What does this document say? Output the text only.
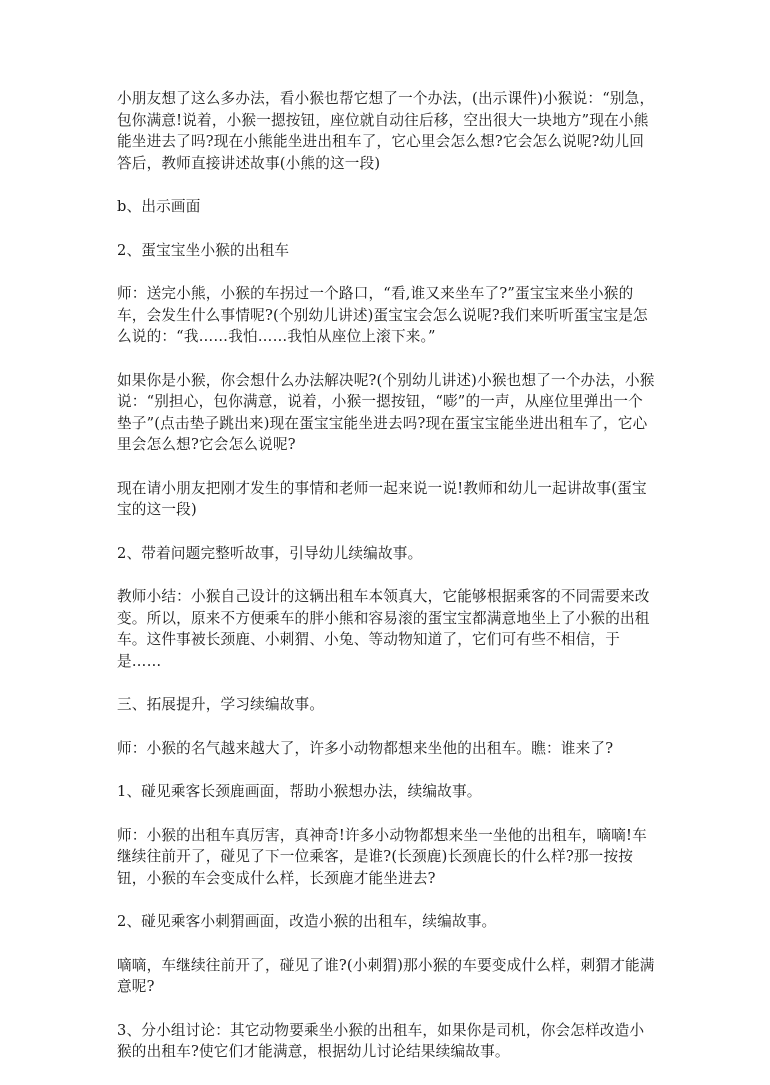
小朋友想了这么多办法，看小猴也帮它想了一个办法，(出示课件)小猴说：“别急，包你满意!说着，小猴一摁按钮，座位就自动往后移，空出很大一块地方”现在小熊能坐进去了吗?现在小熊能坐进出租车了，它心里会怎么想?它会怎么说呢?幼儿回答后，教师直接讲述故事(小熊的这一段)

b、出示画面

2、蛋宝宝坐小猴的出租车

师：送完小熊，小猴的车拐过一个路口，“看,谁又来坐车了?”蛋宝宝来坐小猴的车，会发生什么事情呢?(个别幼儿讲述)蛋宝宝会怎么说呢?我们来听听蛋宝宝是怎么说的：“我……我怕……我怕从座位上滚下来。”

如果你是小猴，你会想什么办法解决呢?(个别幼儿讲述)小猴也想了一个办法，小猴说：“别担心，包你满意，说着，小猴一摁按钮，“嘭”的一声，从座位里弹出一个垫子”(点击垫子跳出来)现在蛋宝宝能坐进去吗?现在蛋宝宝能坐进出租车了，它心里会怎么想?它会怎么说呢?

现在请小朋友把刚才发生的事情和老师一起来说一说!教师和幼儿一起讲故事(蛋宝宝的这一段)

2、带着问题完整听故事，引导幼儿续编故事。

教师小结：小猴自己设计的这辆出租车本领真大，它能够根据乘客的不同需要来改变。所以，原来不方便乘车的胖小熊和容易滚的蛋宝宝都满意地坐上了小猴的出租车。这件事被长颈鹿、小刺猬、小兔、等动物知道了，它们可有些不相信，于是……

三、拓展提升，学习续编故事。

师：小猴的名气越来越大了，许多小动物都想来坐他的出租车。瞧：谁来了?

1、碰见乘客长颈鹿画面，帮助小猴想办法，续编故事。

师：小猴的出租车真厉害，真神奇!许多小动物都想来坐一坐他的出租车，嘀嘀!车继续往前开了，碰见了下一位乘客，是谁?(长颈鹿)长颈鹿长的什么样?那一按按钮，小猴的车会变成什么样，长颈鹿才能坐进去?

2、碰见乘客小刺猬画面，改造小猴的出租车，续编故事。

嘀嘀，车继续往前开了，碰见了谁?(小刺猬)那小猴的车要变成什么样，刺猬才能满意呢?

3、分小组讨论：其它动物要乘坐小猴的出租车，如果你是司机，你会怎样改造小猴的出租车?使它们才能满意，根据幼儿讨论结果续编故事。
